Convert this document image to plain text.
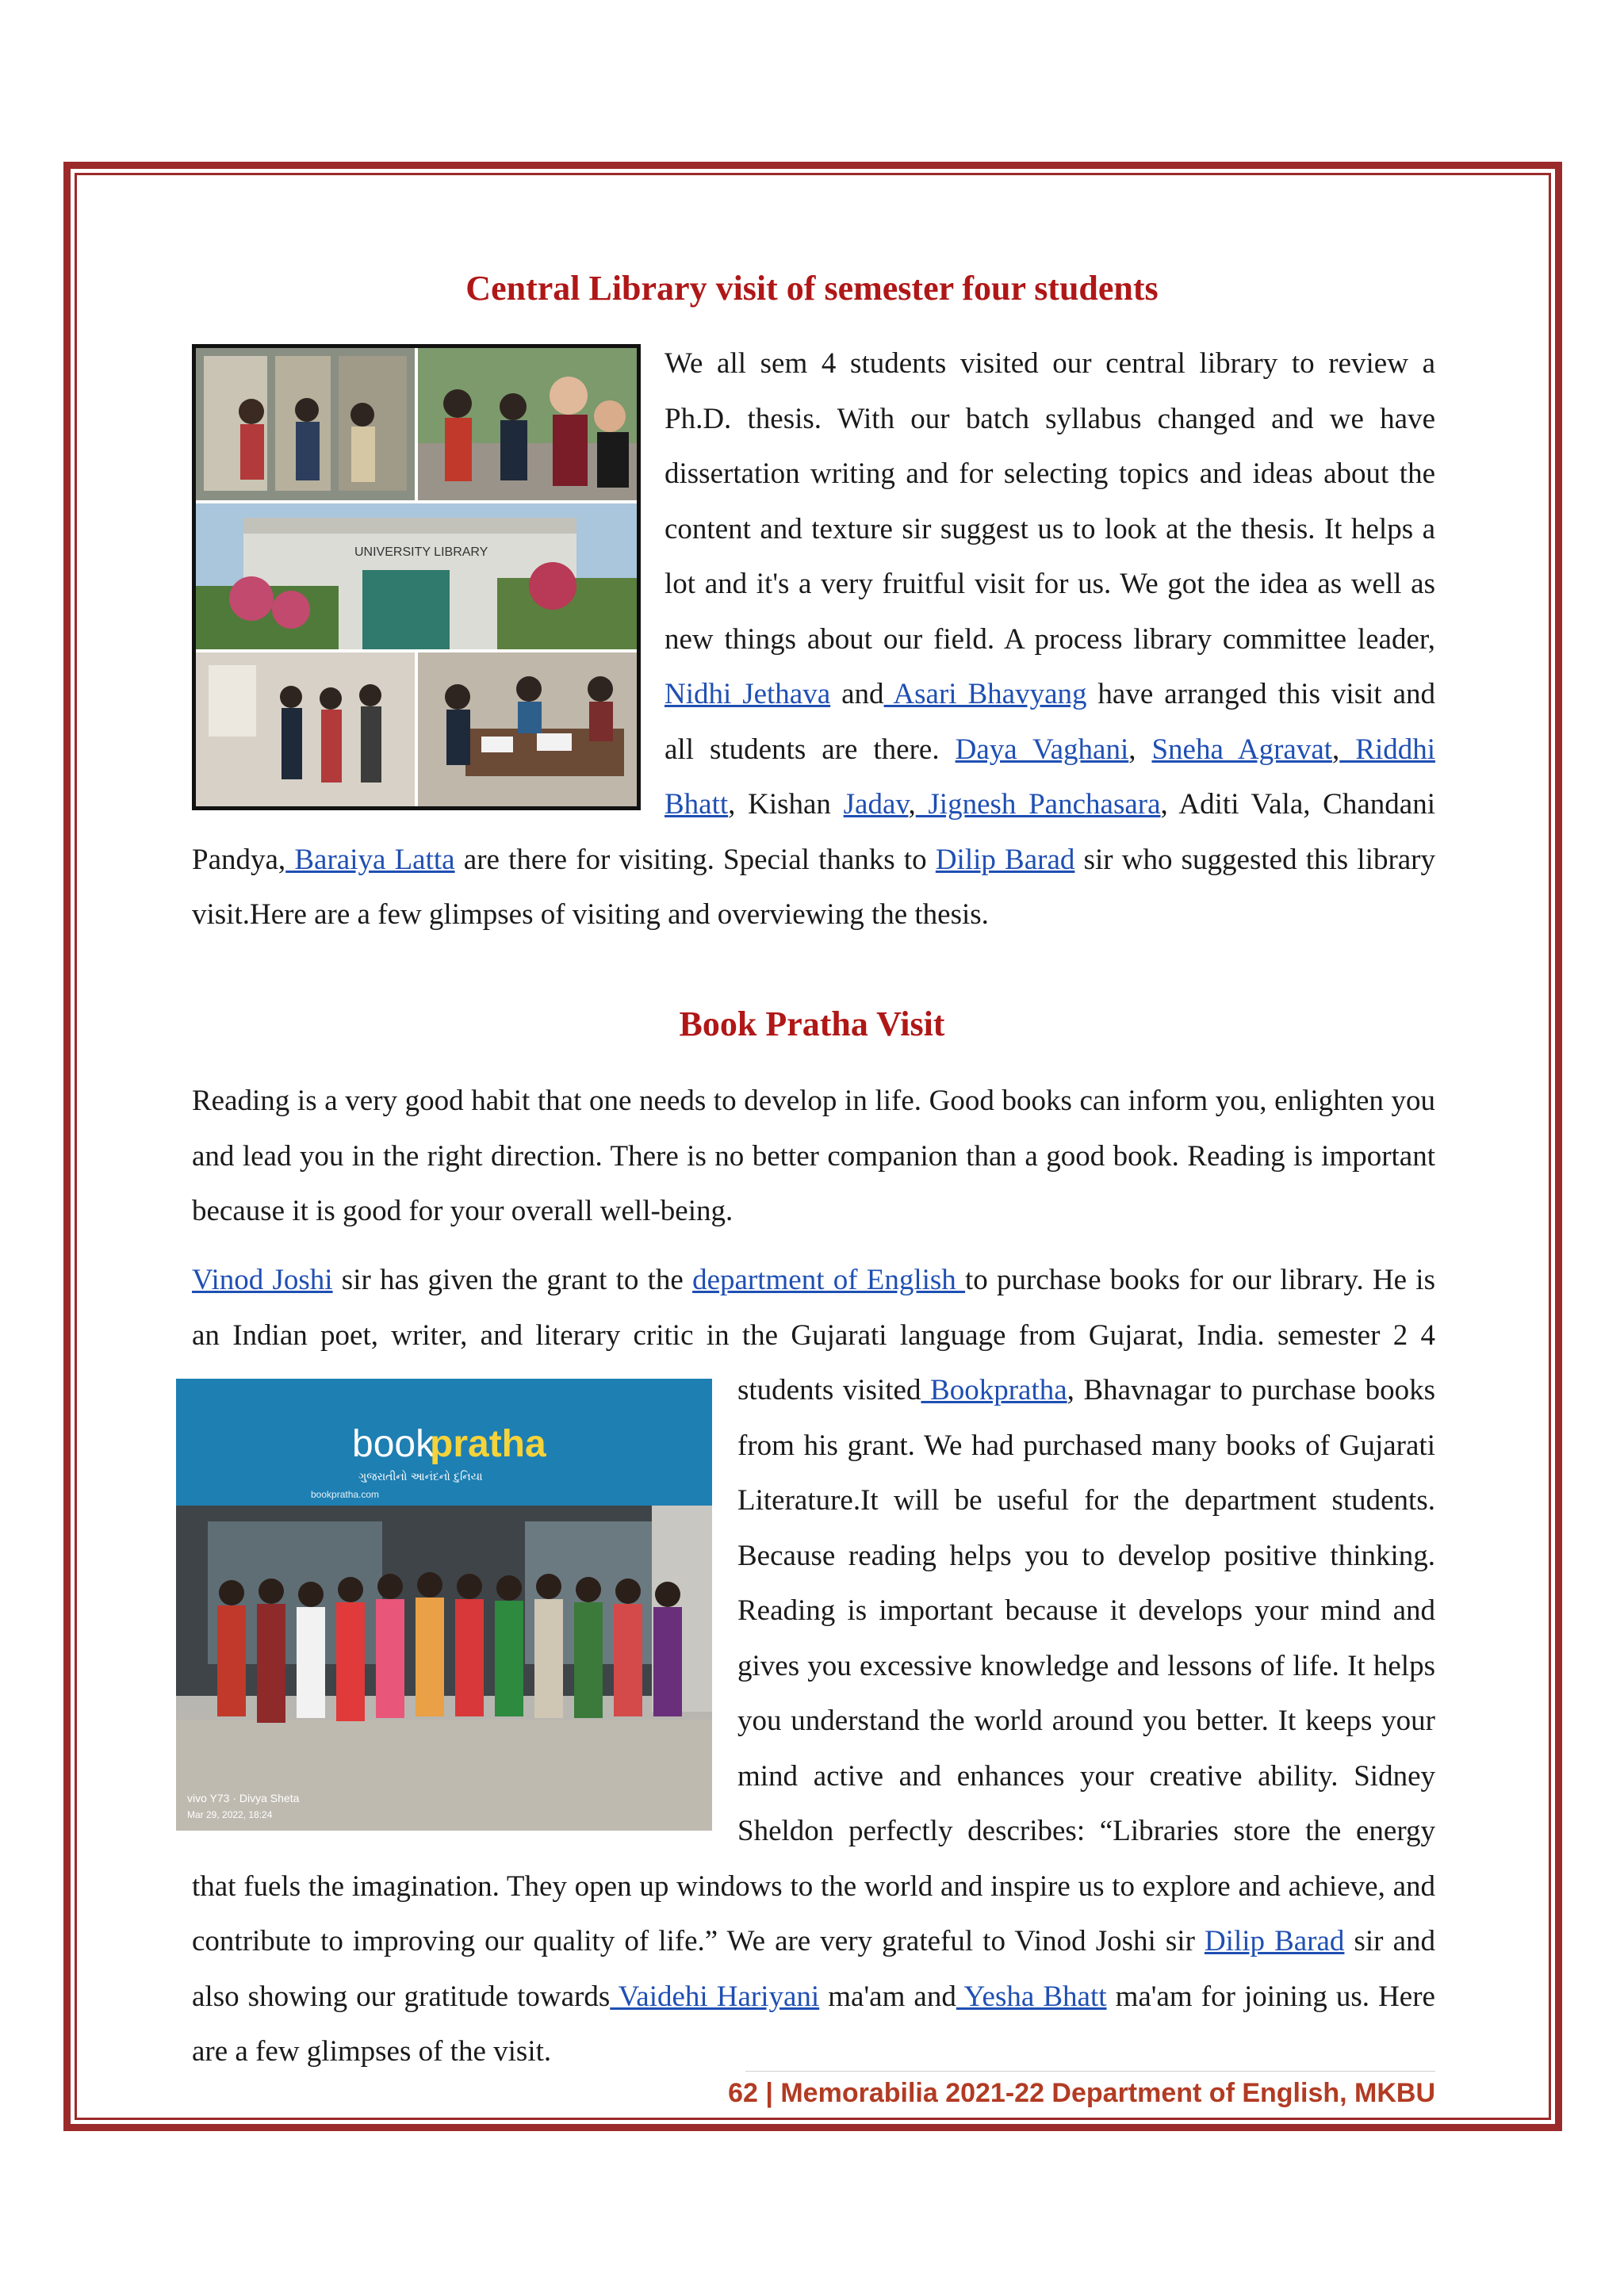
Central Library visit of semester four students

UNIVERSITY LIBRARY
We all sem 4 students visited our central library to review a Ph.D. thesis. With our batch syllabus changed and we have dissertation writing and for selecting topics and ideas about the content and texture sir suggest us to look at the thesis. It helps a lot and it's a very fruitful visit for us. We got the idea as well as new things about our field. A process library committee leader, Nidhi Jethava and Asari Bhavyang have arranged this visit and all students are there. Daya Vaghani, Sneha Agravat, Riddhi Bhatt, Kishan Jadav, Jignesh Panchasara, Aditi Vala, Chandani Pandya, Baraiya Latta are there for visiting. Special thanks to Dilip Barad sir who suggested this library visit.Here are a few glimpses of visiting and overviewing the thesis.

Book Pratha Visit

Reading is a very good habit that one needs to develop in life. Good books can inform you, enlighten you and lead you in the right direction. There is no better companion than a good book. Reading is important because it is good for your overall well-being.

Vinod Joshi sir has given the grant to the department of English to purchase books for our library. He is an Indian poet, writer, and literary critic in the Gujarati language from Gujarat, India. semester 2 4 students visited
book
pratha
ગુજરાતીનો આનંદનો દુનિયા
bookpratha.com
vivo Y73 · Divya Sheta
Mar 29, 2022, 18:24
Bookpratha, Bhavnagar to purchase books from his grant. We had purchased many books of Gujarati Literature.It will be useful for the department students. Because reading helps you to develop positive thinking. Reading is important because it develops your mind and gives you excessive knowledge and lessons of life. It helps you understand the world around you better. It keeps your mind active and enhances your creative ability. Sidney Sheldon perfectly describes: “Libraries store the energy that fuels the imagination. They open up windows to the world and inspire us to explore and achieve, and contribute to improving our quality of life.” We are very grateful to Vinod Joshi sir Dilip Barad sir and also showing our gratitude towards Vaidehi Hariyani ma'am and Yesha Bhatt ma'am for joining us. Here are a few glimpses of the visit.

62 | Memorabilia 2021-22 Department of English, MKBU
